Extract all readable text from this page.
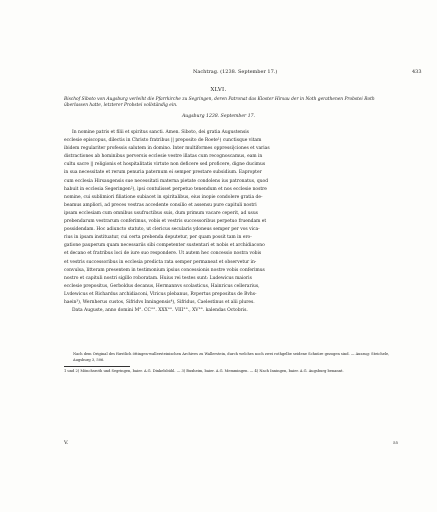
Nachtrag. (1238. September 17.)	433
XLVI.
Bischof Siboto von Augsburg verleiht die Pfarrkirche zu Segringen, deren Patronat das Kloster Hirsau der in Noth gerathenen Probstei Roth überlassen hatte, letzterer Probstei vollständig ein.
Augsburg 1238. September 17.
In nomine patris et filii et spiritus sancti. Amen. Siboto, dei gratia Augustensis
ecclesie episcopus, dilectis in Christo fratribus || preposito de Roete¹) cunctisque vitam
ibidem regulariter professis salutem in domino. Inter multiformes oppressi|ciones et varias
distractiones ab hominibus perversis ecclesie vestre illatas cum recognoscamus, eam in
cultu sacre || religionis et hospitalitatis virtute non deficere sed proficere, digne ducimus
in sua necessitate et rerum penuria paternum ei semper prestare subsidium. Eapropter
cum ecclesia Hirsaugensis sue necessitati materna pietate condolens ius patronatus, quod
habuit in ecclesia Segeringen²), ipsi contulisset perpetuo tenendum et nos ecclesie nostre
nomine, cui sublimiori filiatione subiacet in spiritalibus, eius inopie condolere gratia de-
beamus ampliori, ad preces vestras accedente consilio et assensu pure capituli nostri
ipsam ecclesiam cum omnibus usufructibus suis, dum primum vacare ceperit, ad usus
prebendarum vestrarum conferimus, vobis et vestris successoribus perpetuo fruendam et
possidendam. Hoc adiuncto statuto, ut clericus secularis ydoneus semper per vos vica-
rius in ipsam instituatur, cui certa prebenda deputetur, per quam possit tam in ero-
gatione pauperum quam necessariis sibi competenter sustentari et nobis et archidiacono
et decano et fratribus loci de iure suo respondere. Ut autem hec concessio nostra vobis
et vestris successoribus in ecclesia predicta rata semper permaneat et observetur in-
convulsa, litteram presentem in testimonium ipsius concessionis nostre vobis conferimus
nostro et capituli nostri sigillo roboratam. Huius rei testes sunt: Ludewicus maioris
ecclesie prepositus, Gerboldus decanus, Hermannvs scolasticus, Hainricus cellerarius,
Lvdewicus et Richardus archidiaconi, Vlricus plebanus, Rvpertus prepositus de Bvhs-
haein³), Wernherus custos, Sifridvs Inningensis⁴), Sifridus, Caelestinus et alii plures.
Data Auguste, anno domini M°. CC°°. XXX°°. VIII°°., XV°°. kalendas Octobris.
Nach dem Original des fürstlich öttingen-wallersteinischen Archives zu Wallerstein, durch welches noch zwei rothgelbe seidene Schnüre gezogen sind. — Auszug: Steichele, Augsburg 3, 506.
1 und 2) Mönchsroth und Segringen, baier. A.G. Dinkelsbühl. — 3) Buxheim, baier. A.G. Memmingen. — 4) Nach Inningen, baier. A.G. Augsburg benannt.
V.	55
